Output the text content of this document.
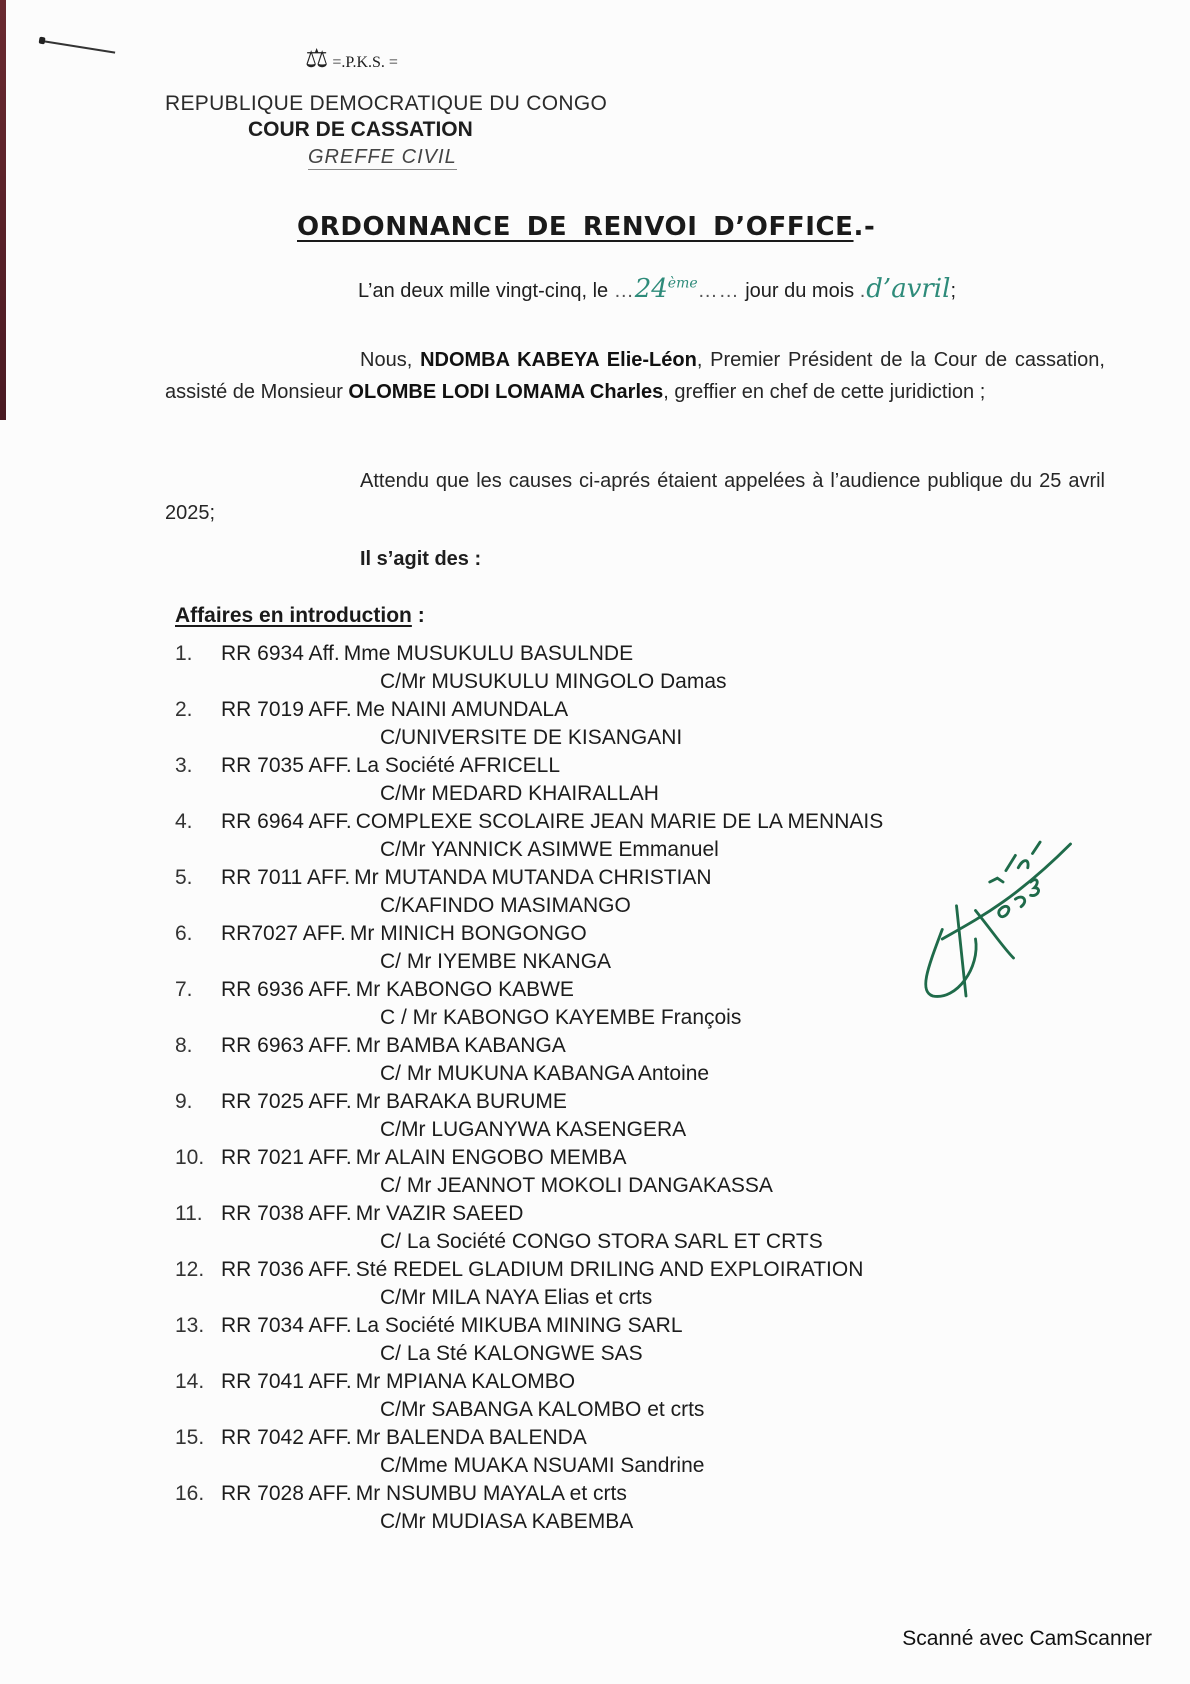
⚖ =.P.K.S. =
REPUBLIQUE DEMOCRATIQUE DU CONGO
COUR DE CASSATION
GREFFE CIVIL
ORDONNANCE DE RENVOI D’OFFICE.-
L’an deux mille vingt-cinq, le …24ème…… jour du mois .d’avril;
Nous, NDOMBA KABEYA Elie-Léon, Premier Président de la Cour de cassation, assisté de Monsieur OLOMBE LODI LOMAMA Charles, greffier en chef de cette juridiction ;
Attendu que les causes ci-aprés étaient appelées à l’audience publique du 25 avril 2025;
Il s’agit des :
Affaires en introduction :
1.	RR 6934 Aff. Mme MUSUKULU BASULNDE
C/Mr MUSUKULU MINGOLO Damas
2.	RR 7019 AFF. Me NAINI AMUNDALA
C/UNIVERSITE DE KISANGANI
3.	RR 7035 AFF. La Société AFRICELL
C/Mr MEDARD KHAIRALLAH
4.	RR 6964 AFF. COMPLEXE SCOLAIRE JEAN MARIE DE LA MENNAIS
C/Mr YANNICK ASIMWE Emmanuel
5.	RR 7011 AFF. Mr MUTANDA MUTANDA CHRISTIAN
C/KAFINDO MASIMANGO
6.	RR7027 AFF. Mr MINICH BONGONGO
C/ Mr IYEMBE NKANGA
7.	RR 6936 AFF. Mr KABONGO KABWE
C / Mr KABONGO KAYEMBE François
8.	RR 6963 AFF. Mr BAMBA KABANGA
C/ Mr MUKUNA KABANGA Antoine
9.	RR 7025 AFF. Mr BARAKA BURUME
C/Mr LUGANYWA KASENGERA
10. RR 7021 AFF. Mr ALAIN ENGOBO MEMBA
C/ Mr JEANNOT MOKOLI DANGAKASSA
11. RR 7038 AFF. Mr VAZIR SAEED
C/ La Société CONGO STORA SARL ET CRTS
12. RR 7036 AFF. Sté REDEL GLADIUM DRILING AND EXPLOIRATION
C/Mr MILA NAYA Elias et crts
13. RR 7034 AFF. La Société MIKUBA MINING SARL
C/ La Sté KALONGWE SAS
14. RR 7041 AFF. Mr MPIANA KALOMBO
C/Mr SABANGA KALOMBO et crts
15. RR 7042 AFF. Mr BALENDA BALENDA
C/Mme MUAKA NSUAMI Sandrine
16. RR 7028 AFF. Mr NSUMBU MAYALA et crts
C/Mr MUDIASA KABEMBA
Scanné avec CamScanner
